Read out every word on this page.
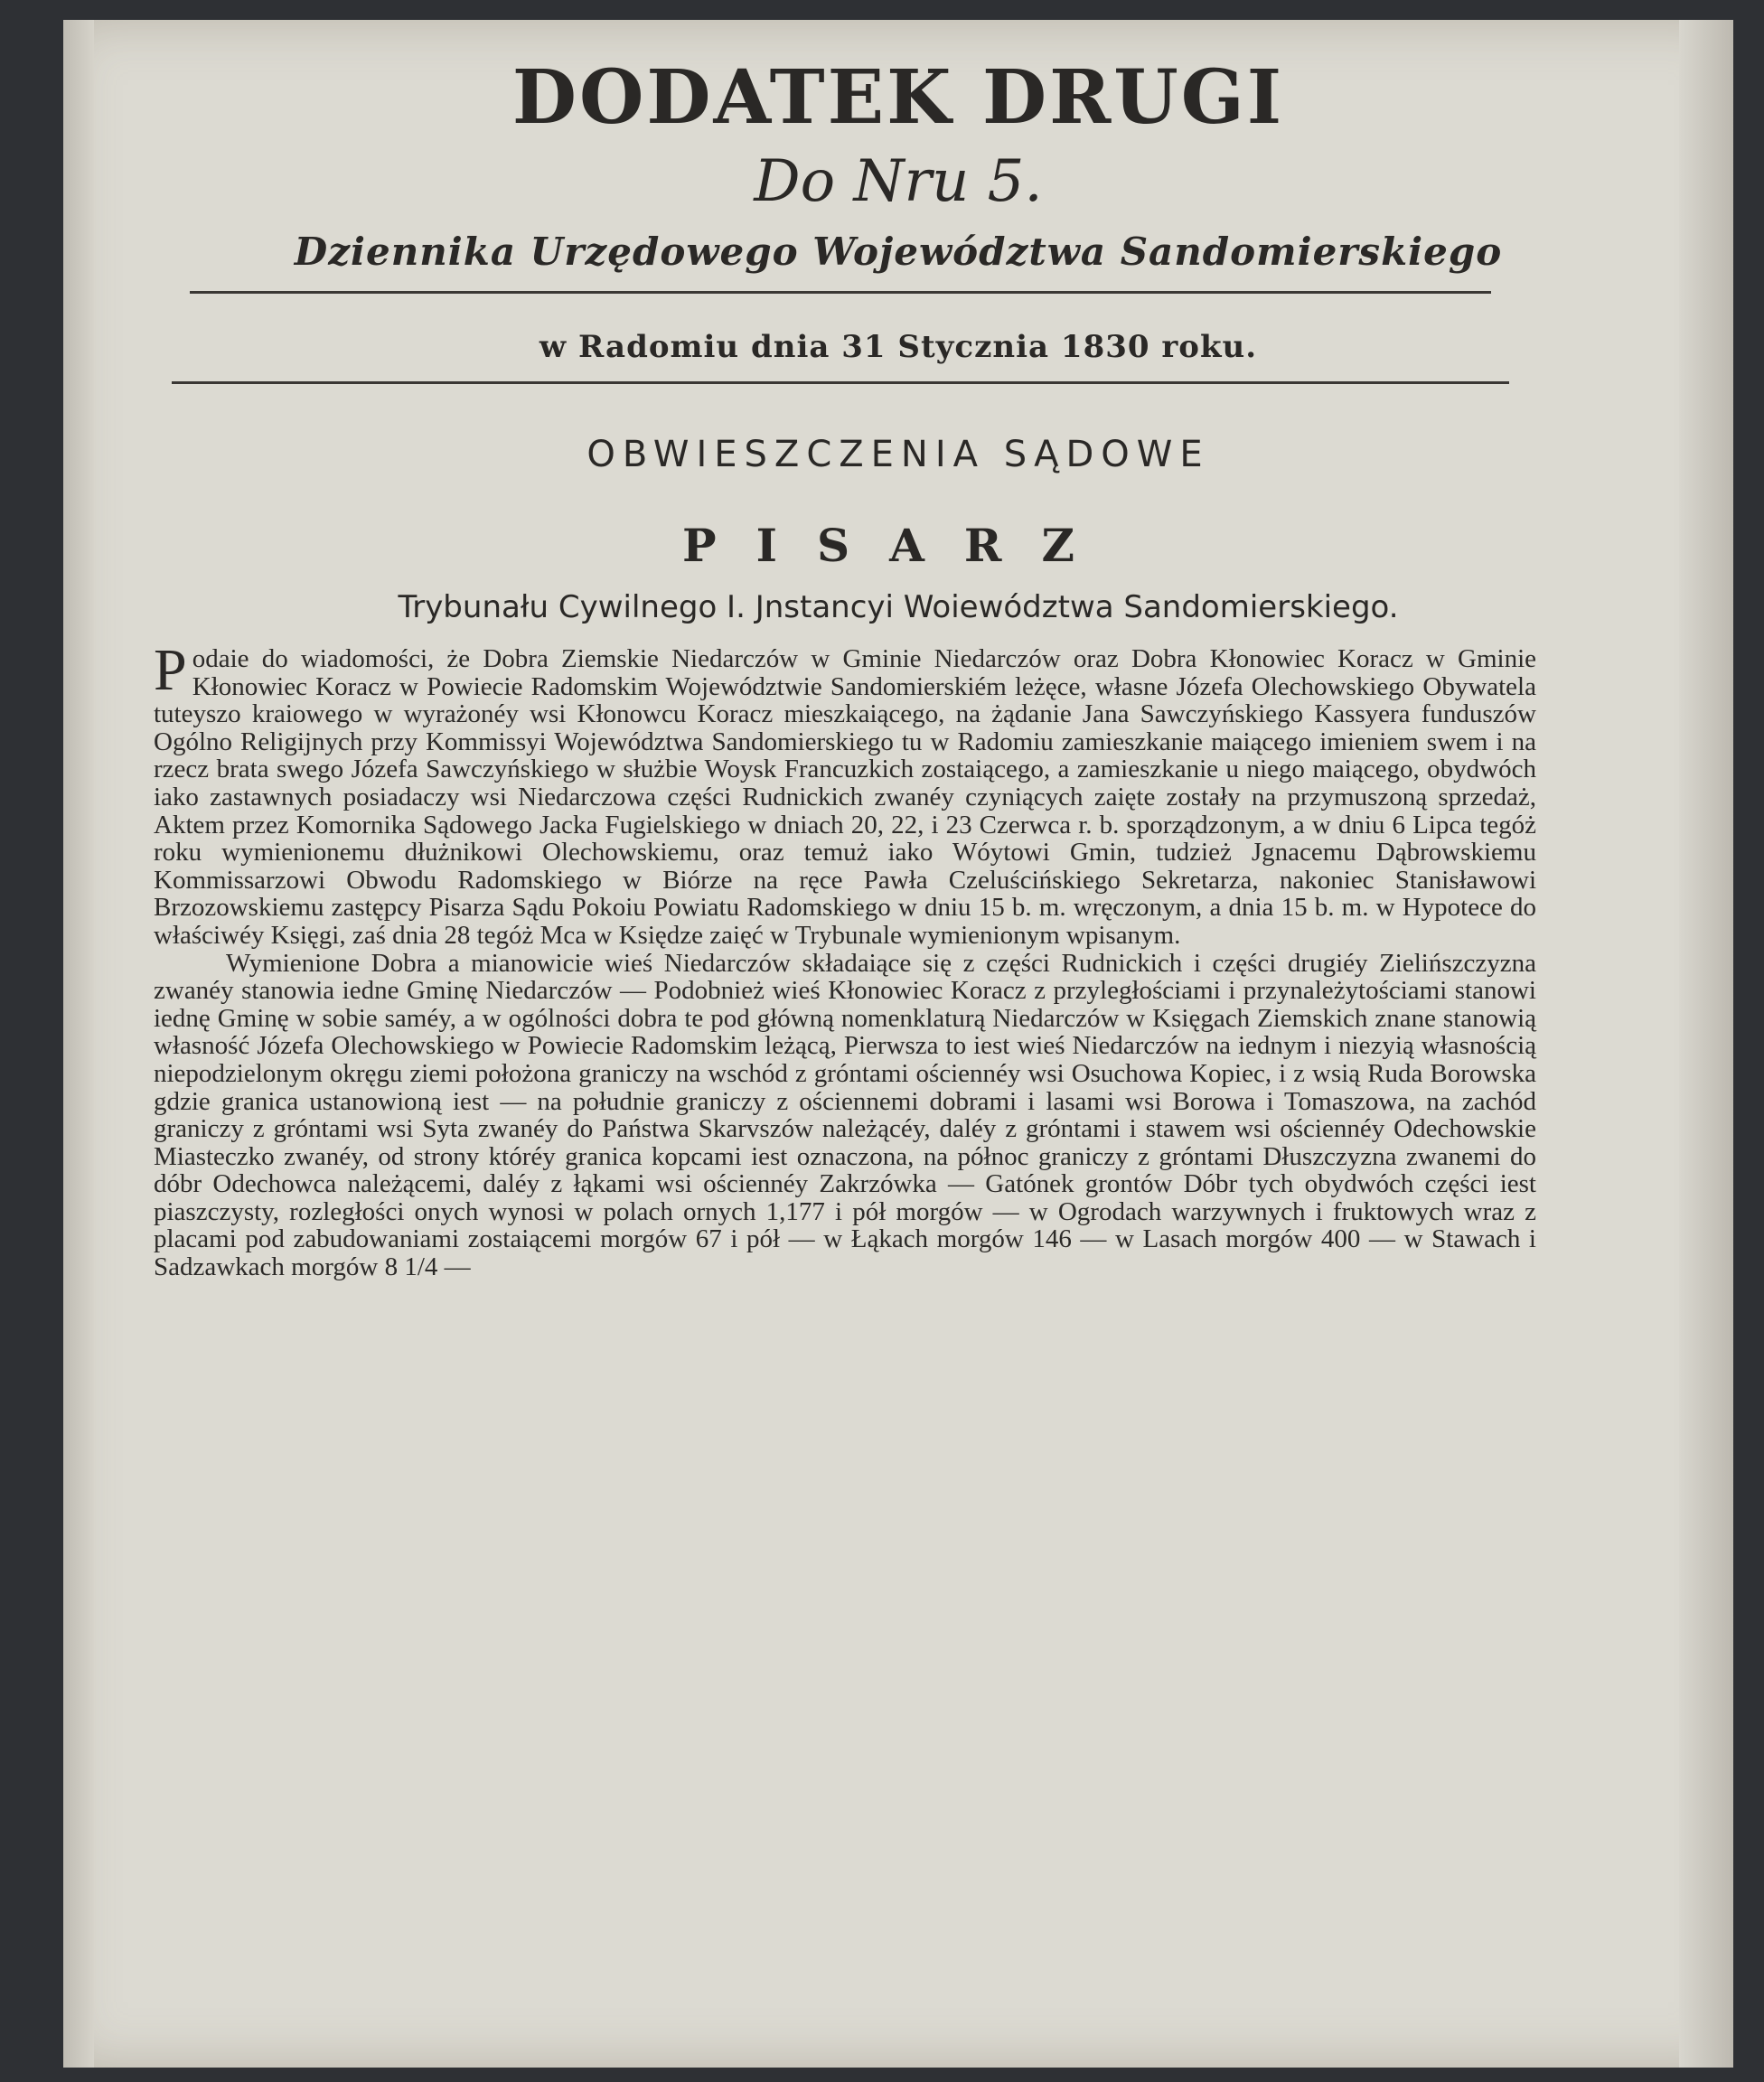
DODATEK DRUGI
Do Nru 5.
Dziennika Urzędowego Województwa Sandomierskiego
w Radomiu dnia 31 Stycznia 1830 roku.
OBWIESZCZENIA SĄDOWE
PISARZ
Trybunału Cywilnego I. Jnstancyi Woiewództwa Sandomierskiego.

Podaie do wiadomości, że Dobra Ziemskie Niedarczów w Gminie Niedarczów oraz Dobra Kłonowiec Koracz w Gminie Kłonowiec Koracz w Powiecie Radomskim Województwie Sandomierskiém leżęce, własne Józefa Olechowskiego Obywatela tuteyszo kraiowego w wyrażonéy wsi Kłonowcu Koracz mieszkaiącego, na żądanie Jana Sawczyńskiego Kassyera funduszów Ogólno Religijnych przy Kommissyi Województwa Sandomierskiego tu w Radomiu zamieszkanie maiącego imieniem swem i na rzecz brata swego Józefa Sawczyńskiego w służbie Woysk Francuzkich zostaiącego, a zamieszkanie u niego maiącego, obydwóch iako zastawnych posiadaczy wsi Niedarczowa części Rudnickich zwanéy czyniących zaięte zostały na przymuszoną sprzedaż, Aktem przez Komornika Sądowego Jacka Fugielskiego w dniach 20, 22, i 23 Czerwca r. b. sporządzonym, a w dniu 6 Lipca tegóż roku wymienionemu dłużnikowi Olechowskiemu, oraz temuż iako Wóytowi Gmin, tudzież Jgnacemu Dąbrowskiemu Kommissarzowi Obwodu Radomskiego w Biórze na ręce Pawła Czeluścińskiego Sekretarza, nakoniec Stanisławowi Brzozowskiemu zastępcy Pisarza Sądu Pokoiu Powiatu Radomskiego w dniu 15 b. m. wręczonym, a dnia 15 b. m. w Hypotece do właściwéy Księgi, zaś dnia 28 tegóż Mca w Księdze zaięć w Trybunale wymienionym wpisanym.

Wymienione Dobra a mianowicie wieś Niedarczów składaiące się z części Rudnickich i części drugiéy Zielińszczyzna zwanéy stanowia iedne Gminę Niedarczów — Podobnież wieś Kłonowiec Koracz z przyległościami i przynależytościami stanowi iednę Gminę w sobie saméy, a w ogólności dobra te pod główną nomenklaturą Niedarczów w Księgach Ziemskich znane stanowią własność Józefa Olechowskiego w Powiecie Radomskim leżącą, Pierwsza to iest wieś Niedarczów na iednym i niezyią własnością niepodzielonym okręgu ziemi położona graniczy na wschód z gróntami ościennéy wsi Osuchowa Kopiec, i z wsią Ruda Borowska gdzie granica ustanowioną iest — na południe graniczy z ościennemi dobrami i lasami wsi Borowa i Tomaszowa, na zachód graniczy z gróntami wsi Syta zwanéy do Państwa Skarvszów należącéy, daléy z gróntami i stawem wsi ościennéy Odechowskie Miasteczko zwanéy, od strony któréy granica kopcami iest oznaczona, na północ graniczy z gróntami Dłuszczyzna zwanemi do dóbr Odechowca należącemi, daléy z łąkami wsi ościennéy Zakrzówka — Gatónek grontów Dóbr tych obydwóch części iest piaszczysty, rozległości onych wynosi w polach ornych 1,177 i pół morgów — w Ogrodach warzywnych i fruktowych wraz z placami pod zabudowaniami zostaiącemi morgów 67 i pół — w Łąkach morgów 146 — w Lasach morgów 400 — w Stawach i Sadzawkach morgów 8 1/4 —
